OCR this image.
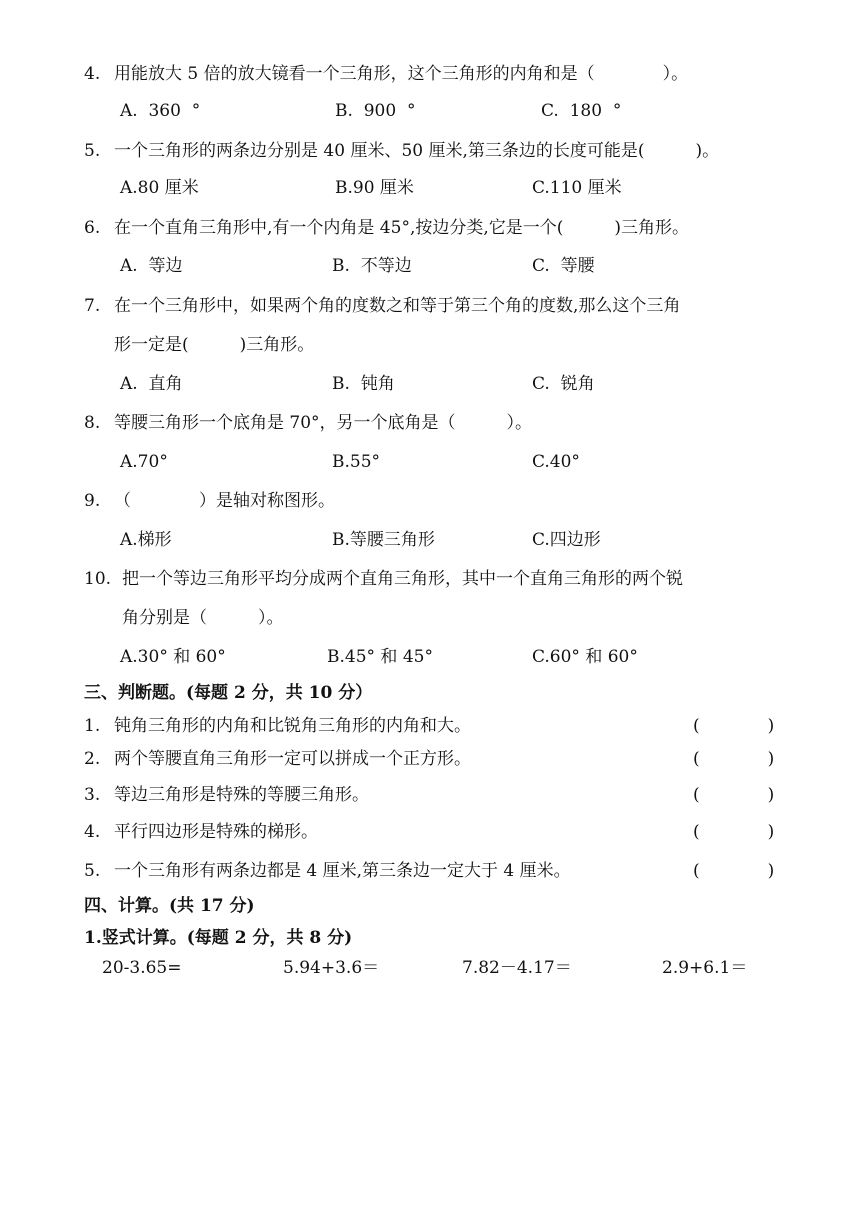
4. 用能放大 5 倍的放大镜看一个三角形，这个三角形的内角和是（　　　　）。
A.  360  °	B.  900  °	C.  180  °
5. 一个三角形的两条边分别是 40 厘米、50 厘米,第三条边的长度可能是(　　　)。
A.80 厘米	B.90 厘米	C.110 厘米
6. 在一个直角三角形中,有一个内角是 45°,按边分类,它是一个(　　　)三角形。
A.  等边	B.  不等边	C.  等腰
7. 在一个三角形中，如果两个角的度数之和等于第三个角的度数,那么这个三角
形一定是(　　　)三角形。
A.  直角	B.  钝角	C.  锐角
8. 等腰三角形一个底角是 70°，另一个底角是（　　　）。
A.70°	B.55°	C.40°
9. （　　　　）是轴对称图形。
A.梯形	B.等腰三角形	C.四边形
10. 把一个等边三角形平均分成两个直角三角形，其中一个直角三角形的两个锐
角分别是（　　　）。
A.30° 和 60°	B.45° 和 45°	C.60° 和 60°
三、判断题。(每题 2 分，共 10 分）
1. 钝角三角形的内角和比锐角三角形的内角和大。	(　　　　)
2. 两个等腰直角三角形一定可以拼成一个正方形。	(　　　　)
3. 等边三角形是特殊的等腰三角形。	(　　　　)
4. 平行四边形是特殊的梯形。	(　　　　)
5. 一个三角形有两条边都是 4 厘米,第三条边一定大于 4 厘米。	(　　　　)
四、计算。(共 17 分)
1.竖式计算。(每题 2 分，共 8 分)
20-3.65=	5.94+3.6＝	7.82－4.17＝	2.9+6.1＝
